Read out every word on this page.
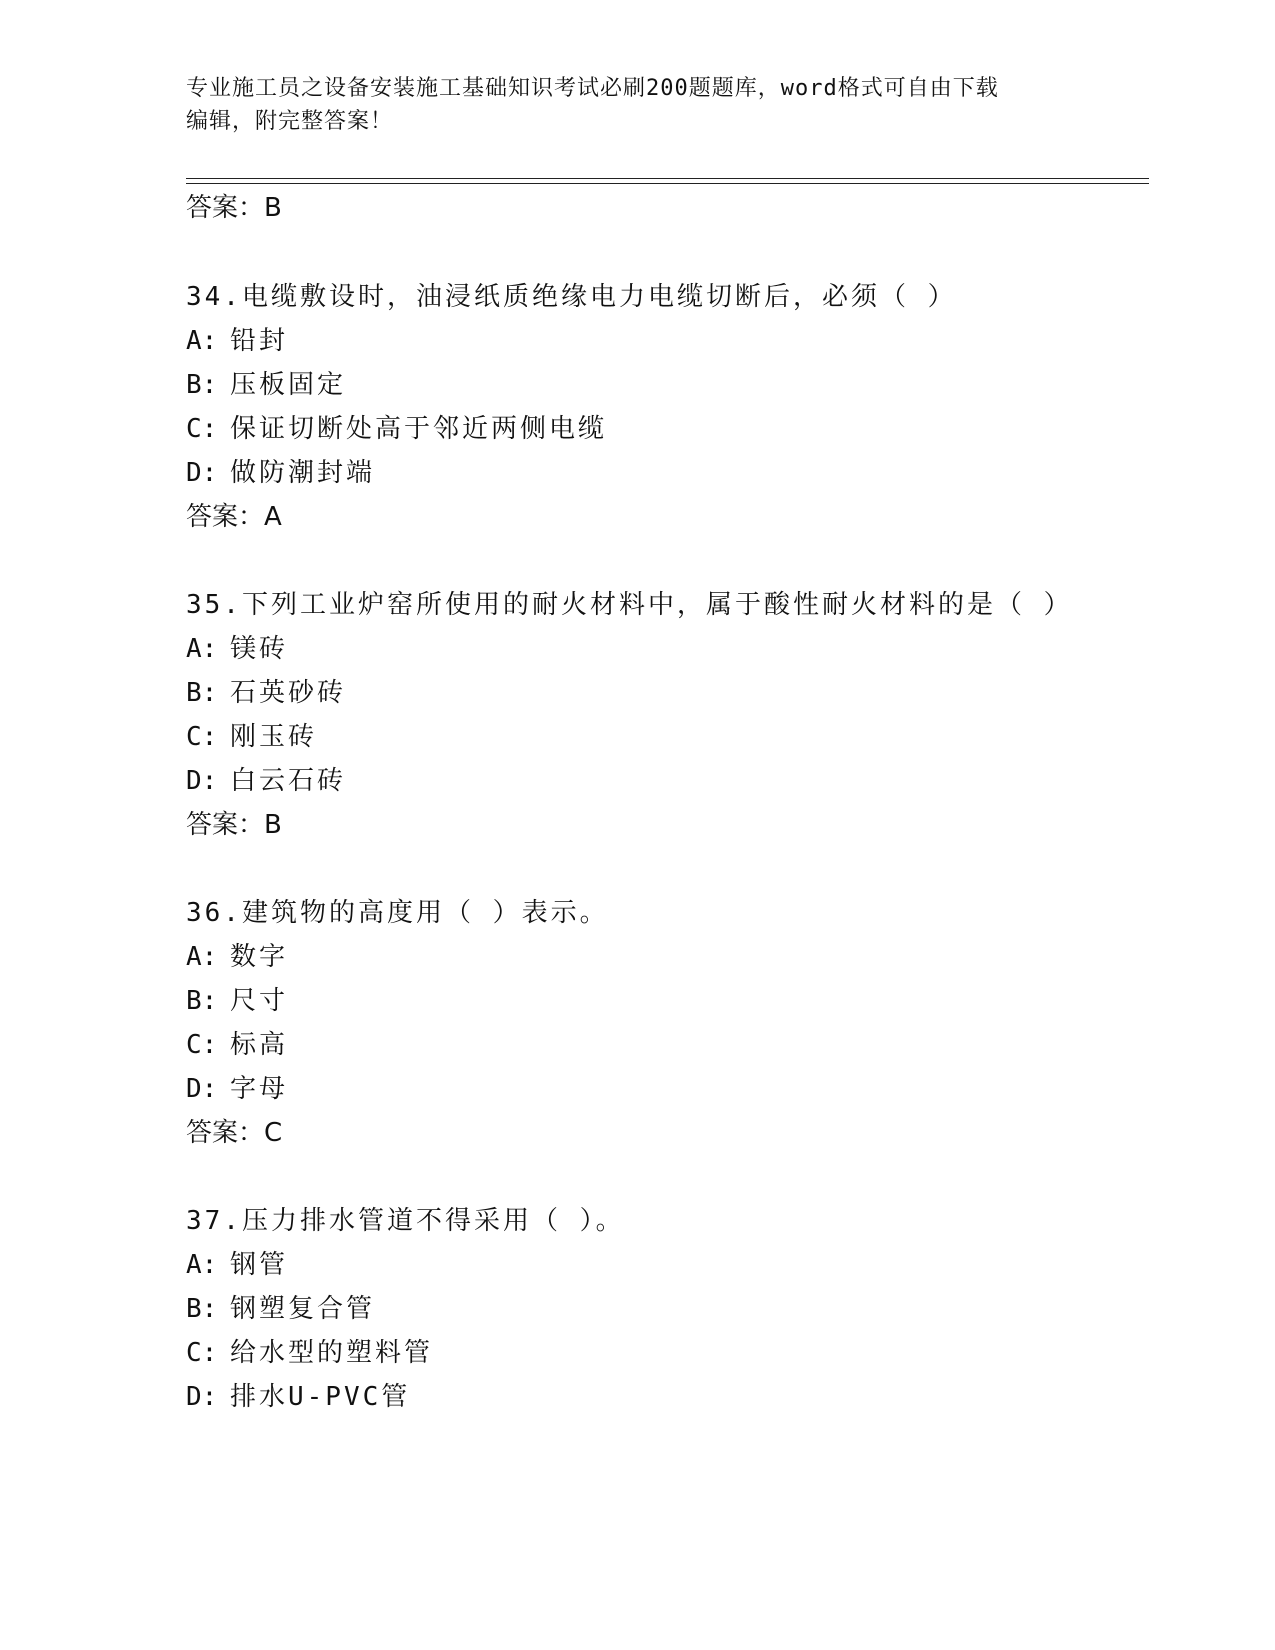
专业施工员之设备安装施工基础知识考试必刷200题题库，word格式可自由下载
编辑，附完整答案！
答案：B
34.电缆敷设时，油浸纸质绝缘电力电缆切断后，必须（ ）
A: 铅封
B: 压板固定
C: 保证切断处高于邻近两侧电缆
D: 做防潮封端
答案：A
35.下列工业炉窑所使用的耐火材料中，属于酸性耐火材料的是（ ）
A: 镁砖
B: 石英砂砖
C: 刚玉砖
D: 白云石砖
答案：B
36.建筑物的高度用（ ）表示。
A: 数字
B: 尺寸
C: 标高
D: 字母
答案：C
37.压力排水管道不得采用（ ）。
A: 钢管
B: 钢塑复合管
C: 给水型的塑料管
D: 排水U-PVC管
